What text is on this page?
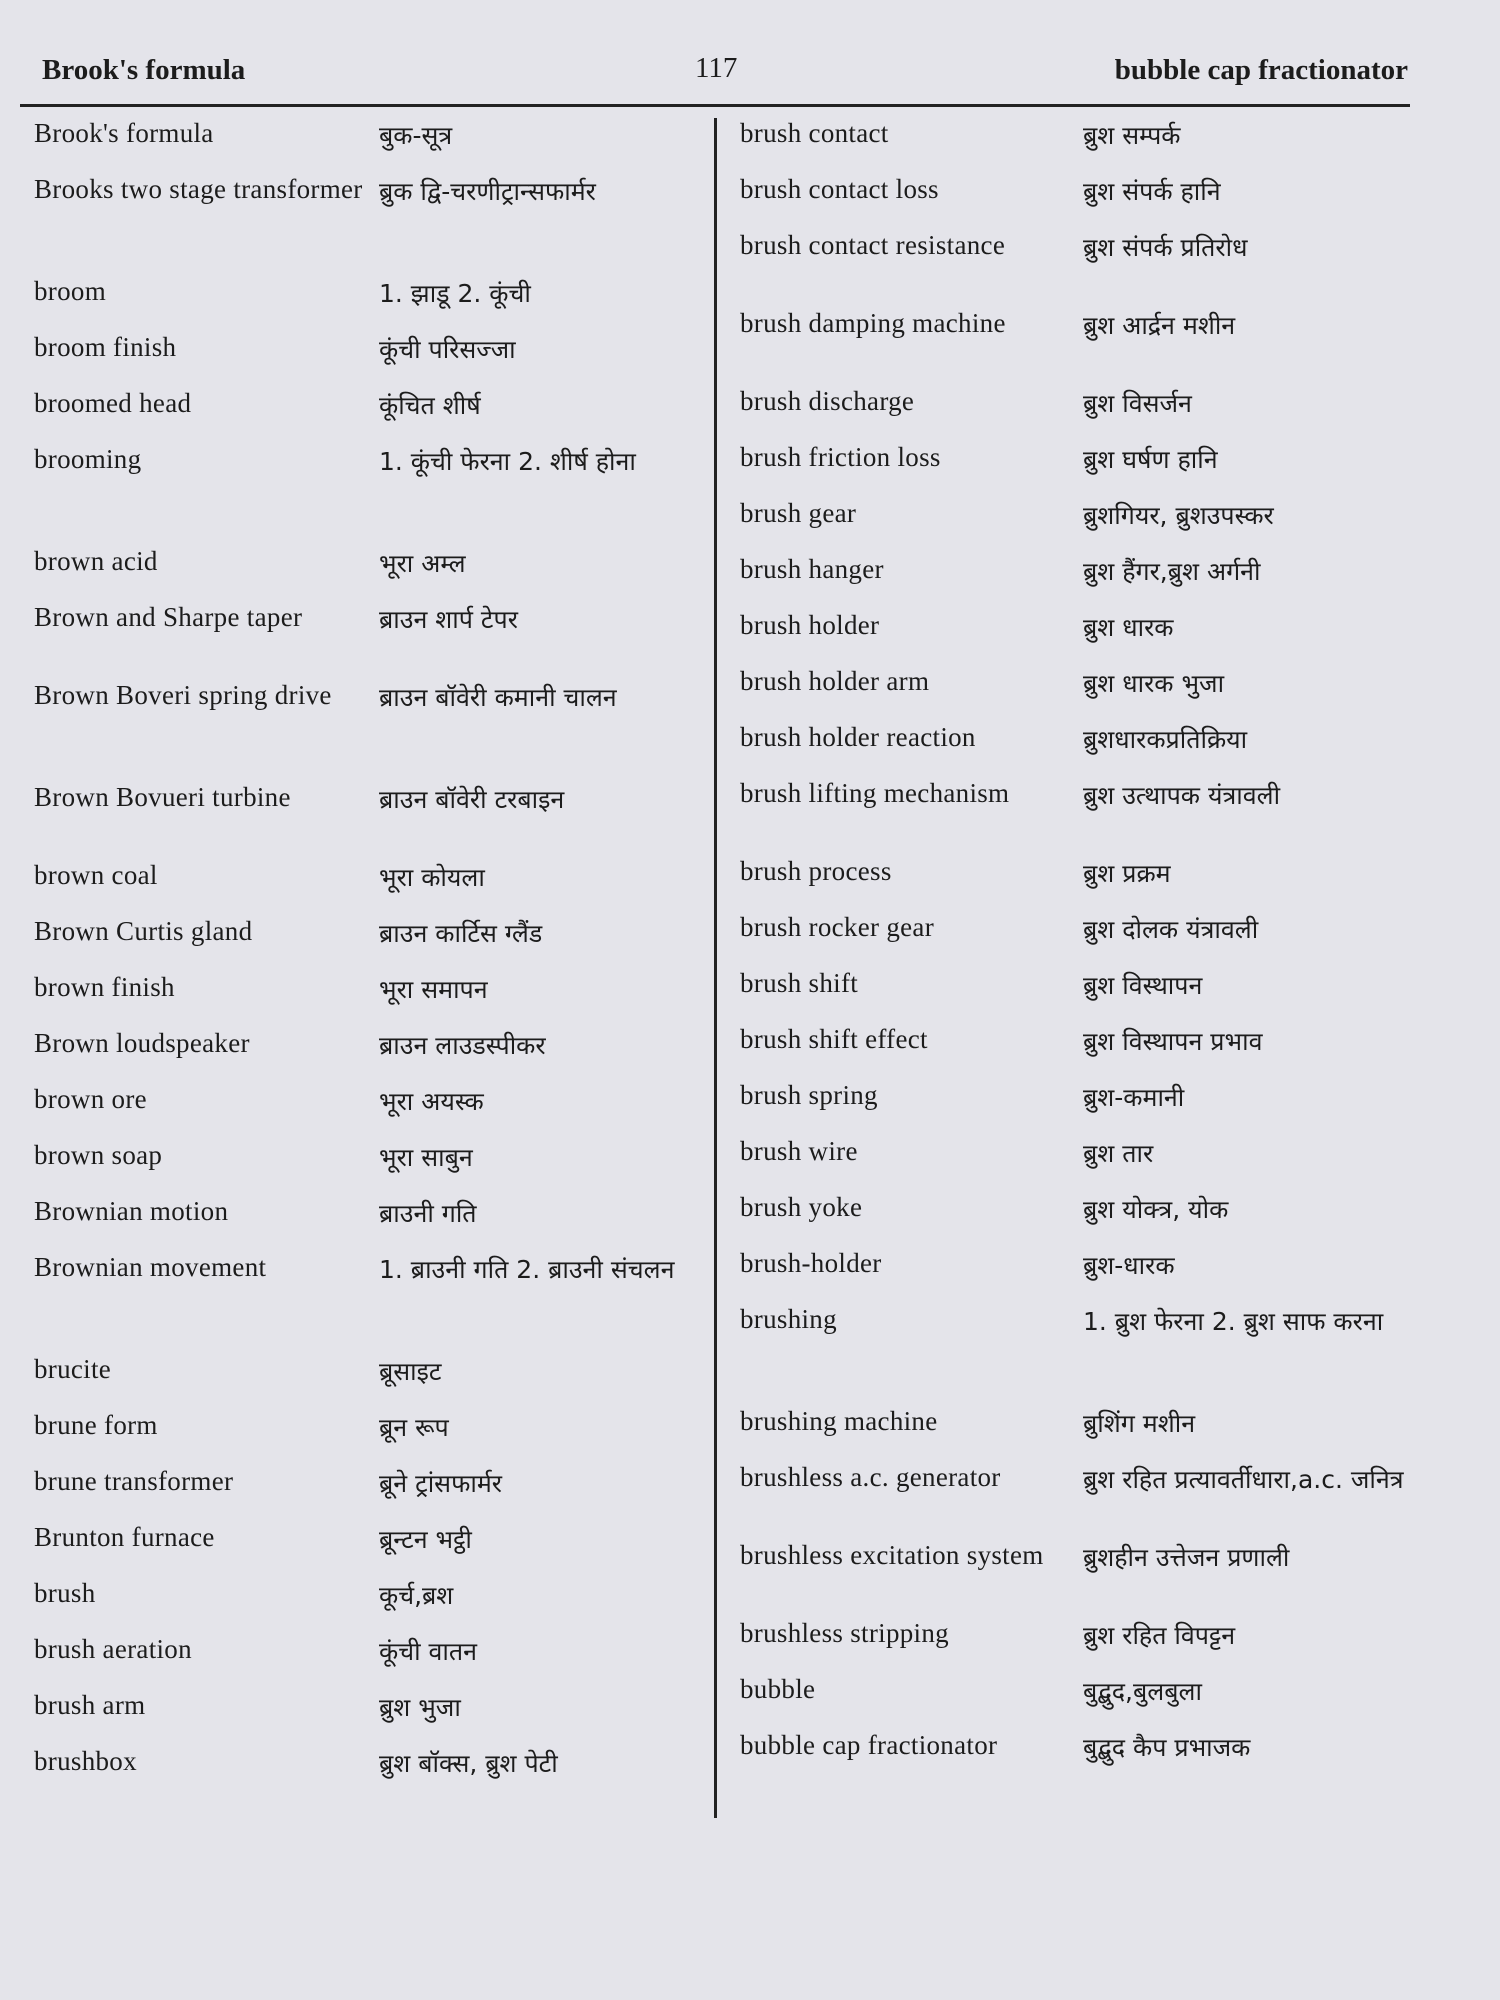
Brook's formula	117	bubble cap fractionator
Brook's formula	बुक-सूत्र
Brooks two stage transformer ब्रुक द्वि-चरणीट्रान्सफार्मर
broom	1. झाडू 2. कूंची
broom finish	कूंची परिसज्जा
broomed head	कूंचित शीर्ष
brooming	1. कूंची फेरना 2. शीर्ष होना
brown acid	भूरा अम्ल
Brown and Sharpe taper	ब्राउन शार्प टेपर
Brown Boveri spring drive	ब्राउन बॉवेरी कमानी चालन
Brown Bovueri turbine	ब्राउन बॉवेरी टरबाइन
brown coal	भूरा कोयला
Brown Curtis gland	ब्राउन कार्टिस ग्लैंड
brown finish	भूरा समापन
Brown loudspeaker	ब्राउन लाउडस्पीकर
brown ore	भूरा अयस्क
brown soap	भूरा साबुन
Brownian motion	ब्राउनी गति
Brownian movement	1. ब्राउनी गति 2. ब्राउनी संचलन
brucite	ब्रूसाइट
brune form	ब्रून रूप
brune transformer	ब्रूने ट्रांसफार्मर
Brunton furnace	ब्रून्टन भट्ठी
brush	कूर्च,ब्रश
brush aeration	कूंची वातन
brush arm	ब्रुश भुजा
brushbox	ब्रुश बॉक्स, ब्रुश पेटी
brush contact	ब्रुश सम्पर्क
brush contact loss	ब्रुश संपर्क हानि
brush contact resistance	ब्रुश संपर्क प्रतिरोध
brush damping machine	ब्रुश आर्द्रन मशीन
brush discharge	ब्रुश विसर्जन
brush friction loss	ब्रुश घर्षण हानि
brush gear	ब्रुशगियर, ब्रुशउपस्कर
brush hanger	ब्रुश हैंगर,ब्रुश अर्गनी
brush holder	ब्रुश धारक
brush holder arm	ब्रुश धारक भुजा
brush holder reaction	ब्रुशधारकप्रतिक्रिया
brush lifting mechanism	ब्रुश उत्थापक यंत्रावली
brush process	ब्रुश प्रक्रम
brush rocker gear	ब्रुश दोलक यंत्रावली
brush shift	ब्रुश विस्थापन
brush shift effect	ब्रुश विस्थापन प्रभाव
brush spring	ब्रुश-कमानी
brush wire	ब्रुश तार
brush yoke	ब्रुश योक्त्र, योक
brush-holder	ब्रुश-धारक
brushing	1. ब्रुश फेरना 2. ब्रुश साफ करना
brushing machine	ब्रुशिंग मशीन
brushless a.c. generator	ब्रुश रहित प्रत्यावर्तीधारा,a.c. जनित्र
brushless excitation system	ब्रुशहीन उत्तेजन प्रणाली
brushless stripping	ब्रुश रहित विपट्टन
bubble	बुद्बुद,बुलबुला
bubble cap fractionator	बुद्बुद कैप प्रभाजक
